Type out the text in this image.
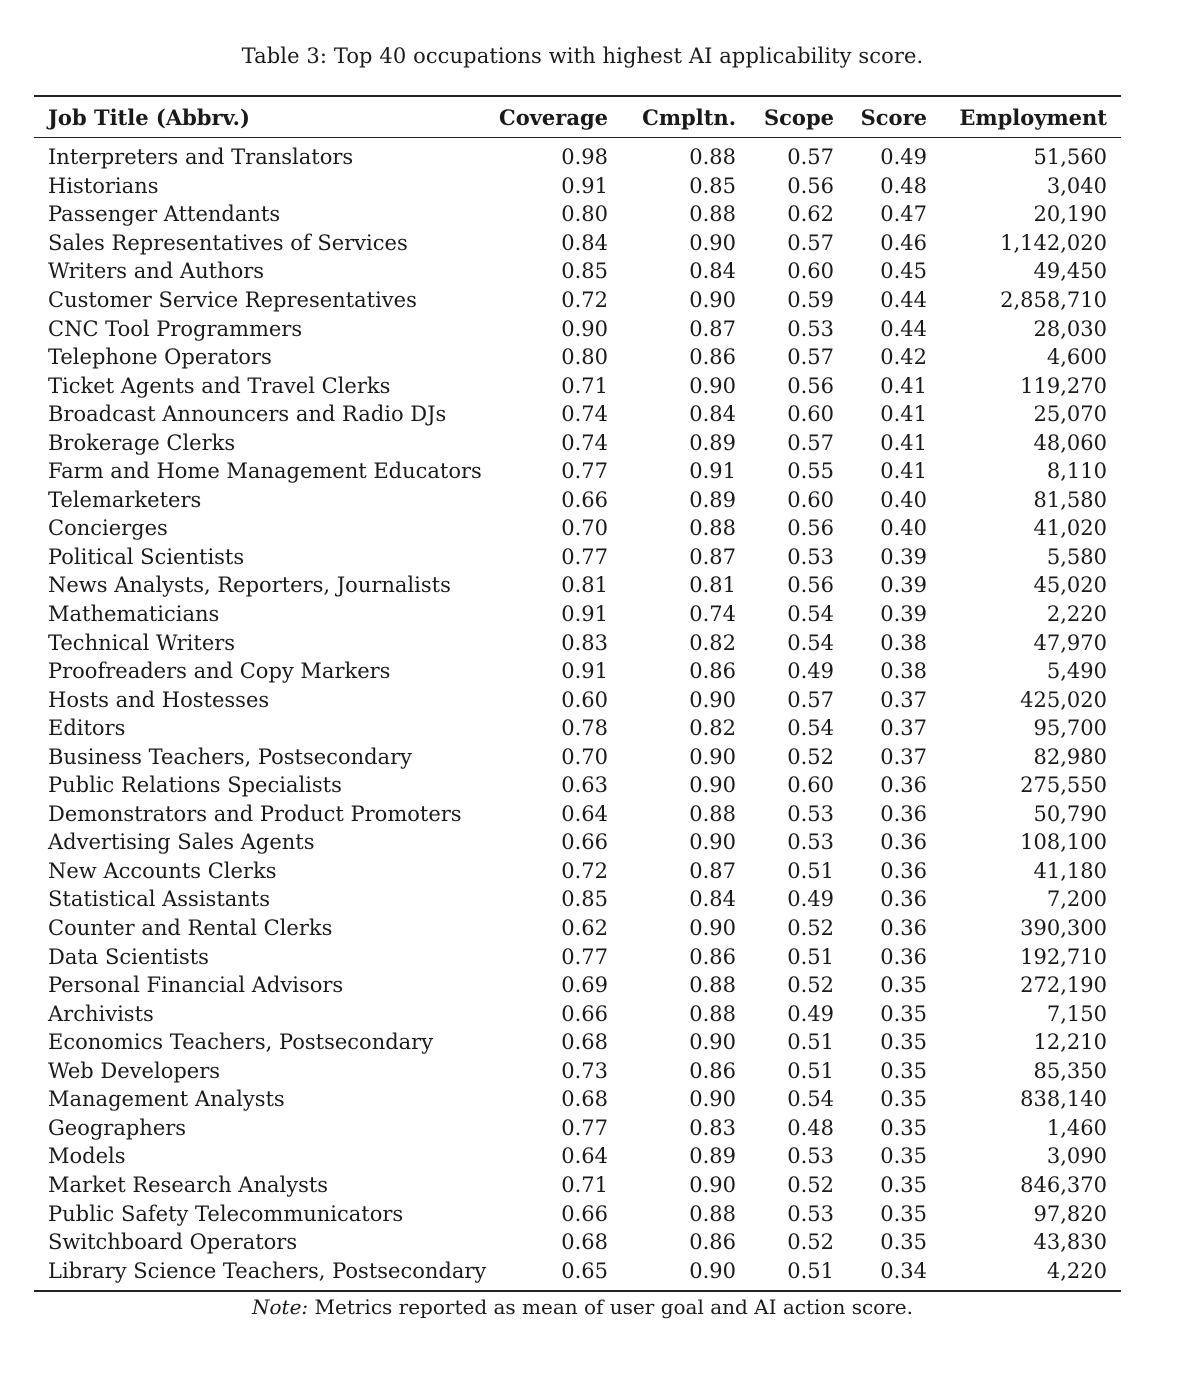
Table 3: Top 40 occupations with highest AI applicability score.
Job Title (Abbrv.)	Coverage	Cmpltn.	Scope	Score	Employment

Interpreters and Translators	0.98	0.88	0.57	0.49	51,560
Historians	0.91	0.85	0.56	0.48	3,040
Passenger Attendants	0.80	0.88	0.62	0.47	20,190
Sales Representatives of Services	0.84	0.90	0.57	0.46	1,142,020
Writers and Authors	0.85	0.84	0.60	0.45	49,450
Customer Service Representatives	0.72	0.90	0.59	0.44	2,858,710
CNC Tool Programmers	0.90	0.87	0.53	0.44	28,030
Telephone Operators	0.80	0.86	0.57	0.42	4,600
Ticket Agents and Travel Clerks	0.71	0.90	0.56	0.41	119,270
Broadcast Announcers and Radio DJs	0.74	0.84	0.60	0.41	25,070
Brokerage Clerks	0.74	0.89	0.57	0.41	48,060
Farm and Home Management Educators	0.77	0.91	0.55	0.41	8,110
Telemarketers	0.66	0.89	0.60	0.40	81,580
Concierges	0.70	0.88	0.56	0.40	41,020
Political Scientists	0.77	0.87	0.53	0.39	5,580
News Analysts, Reporters, Journalists	0.81	0.81	0.56	0.39	45,020
Mathematicians	0.91	0.74	0.54	0.39	2,220
Technical Writers	0.83	0.82	0.54	0.38	47,970
Proofreaders and Copy Markers	0.91	0.86	0.49	0.38	5,490
Hosts and Hostesses	0.60	0.90	0.57	0.37	425,020
Editors	0.78	0.82	0.54	0.37	95,700
Business Teachers, Postsecondary	0.70	0.90	0.52	0.37	82,980
Public Relations Specialists	0.63	0.90	0.60	0.36	275,550
Demonstrators and Product Promoters	0.64	0.88	0.53	0.36	50,790
Advertising Sales Agents	0.66	0.90	0.53	0.36	108,100
New Accounts Clerks	0.72	0.87	0.51	0.36	41,180
Statistical Assistants	0.85	0.84	0.49	0.36	7,200
Counter and Rental Clerks	0.62	0.90	0.52	0.36	390,300
Data Scientists	0.77	0.86	0.51	0.36	192,710
Personal Financial Advisors	0.69	0.88	0.52	0.35	272,190
Archivists	0.66	0.88	0.49	0.35	7,150
Economics Teachers, Postsecondary	0.68	0.90	0.51	0.35	12,210
Web Developers	0.73	0.86	0.51	0.35	85,350
Management Analysts	0.68	0.90	0.54	0.35	838,140
Geographers	0.77	0.83	0.48	0.35	1,460
Models	0.64	0.89	0.53	0.35	3,090
Market Research Analysts	0.71	0.90	0.52	0.35	846,370
Public Safety Telecommunicators	0.66	0.88	0.53	0.35	97,820
Switchboard Operators	0.68	0.86	0.52	0.35	43,830
Library Science Teachers, Postsecondary	0.65	0.90	0.51	0.34	4,220

Note: Metrics reported as mean of user goal and AI action score.
